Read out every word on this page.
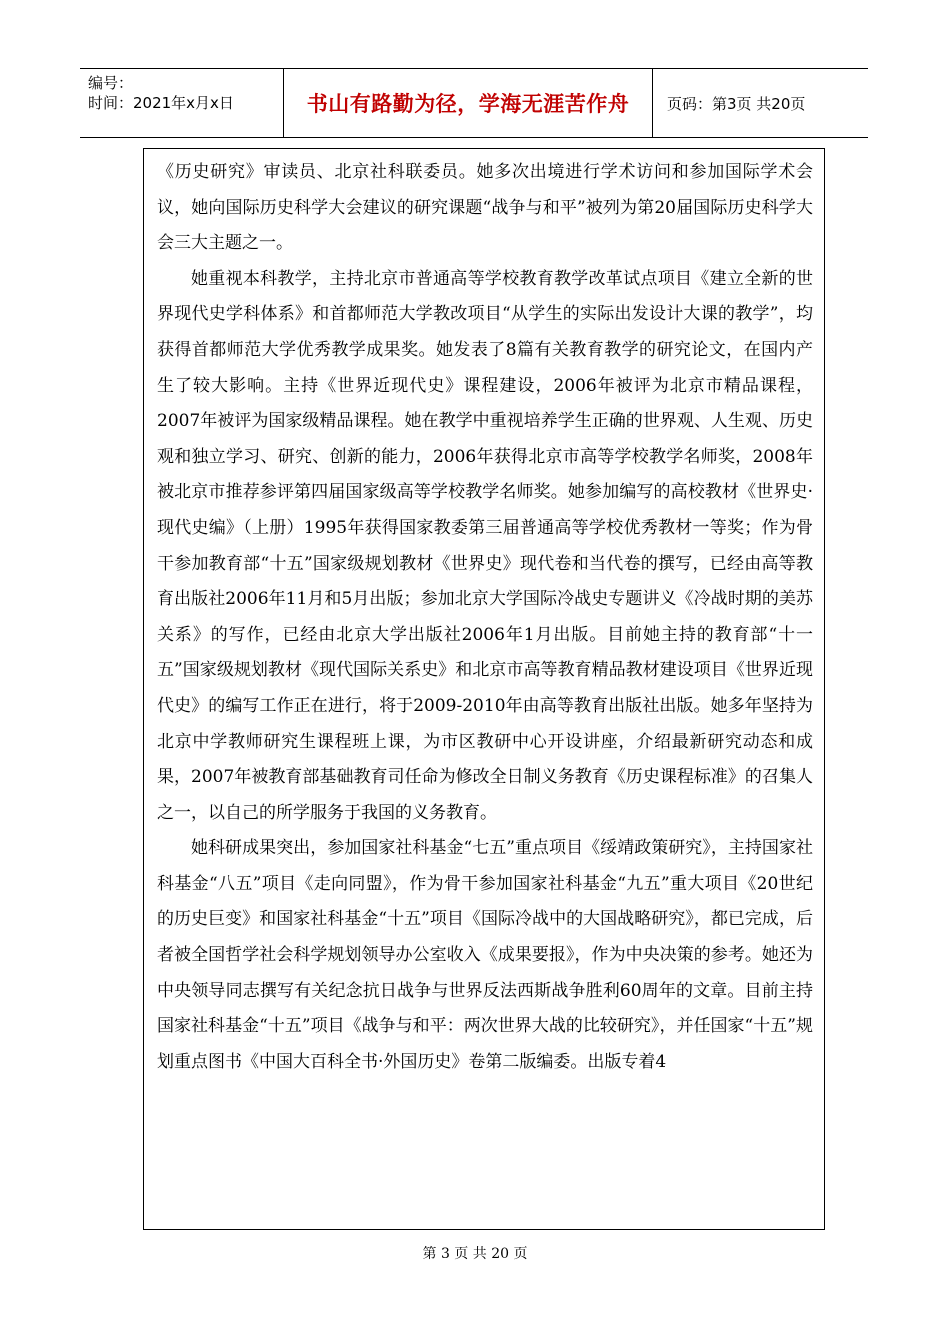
编号：
时间：2021年x月x日	书山有路勤为径，学海无涯苦作舟	页码：第3页 共20页

《历史研究》审读员、北京社科联委员。她多次出境进行学术访问和参加国际学术会议，她向国际历史科学大会建议的研究课题“战争与和平”被列为第20届国际历史科学大会三大主题之一。

她重视本科教学，主持北京市普通高等学校教育教学改革试点项目《建立全新的世界现代史学科体系》和首都师范大学教改项目“从学生的实际出发设计大课的教学”，均获得首都师范大学优秀教学成果奖。她发表了8篇有关教育教学的研究论文，在国内产生了较大影响。主持《世界近现代史》课程建设，2006年被评为北京市精品课程，2007年被评为国家级精品课程。她在教学中重视培养学生正确的世界观、人生观、历史观和独立学习、研究、创新的能力，2006年获得北京市高等学校教学名师奖，2008年被北京市推荐参评第四届国家级高等学校教学名师奖。她参加编写的高校教材《世界史·现代史编》（上册）1995年获得国家教委第三届普通高等学校优秀教材一等奖；作为骨干参加教育部“十五”国家级规划教材《世界史》现代卷和当代卷的撰写，已经由高等教育出版社2006年11月和5月出版；参加北京大学国际冷战史专题讲义《冷战时期的美苏关系》的写作，已经由北京大学出版社2006年1月出版。目前她主持的教育部“十一五”国家级规划教材《现代国际关系史》和北京市高等教育精品教材建设项目《世界近现代史》的编写工作正在进行，将于2009-2010年由高等教育出版社出版。她多年坚持为北京中学教师研究生课程班上课，为市区教研中心开设讲座，介绍最新研究动态和成果，2007年被教育部基础教育司任命为修改全日制义务教育《历史课程标准》的召集人之一，以自己的所学服务于我国的义务教育。

她科研成果突出，参加国家社科基金“七五”重点项目《绥靖政策研究》，主持国家社科基金“八五”项目《走向同盟》，作为骨干参加国家社科基金“九五”重大项目《20世纪的历史巨变》和国家社科基金“十五”项目《国际冷战中的大国战略研究》，都已完成，后者被全国哲学社会科学规划领导办公室收入《成果要报》，作为中央决策的参考。她还为中央领导同志撰写有关纪念抗日战争与世界反法西斯战争胜利60周年的文章。目前主持国家社科基金“十五”项目《战争与和平：两次世界大战的比较研究》，并任国家“十五”规划重点图书《中国大百科全书·外国历史》卷第二版编委。出版专着4

第 3 页 共 20 页
